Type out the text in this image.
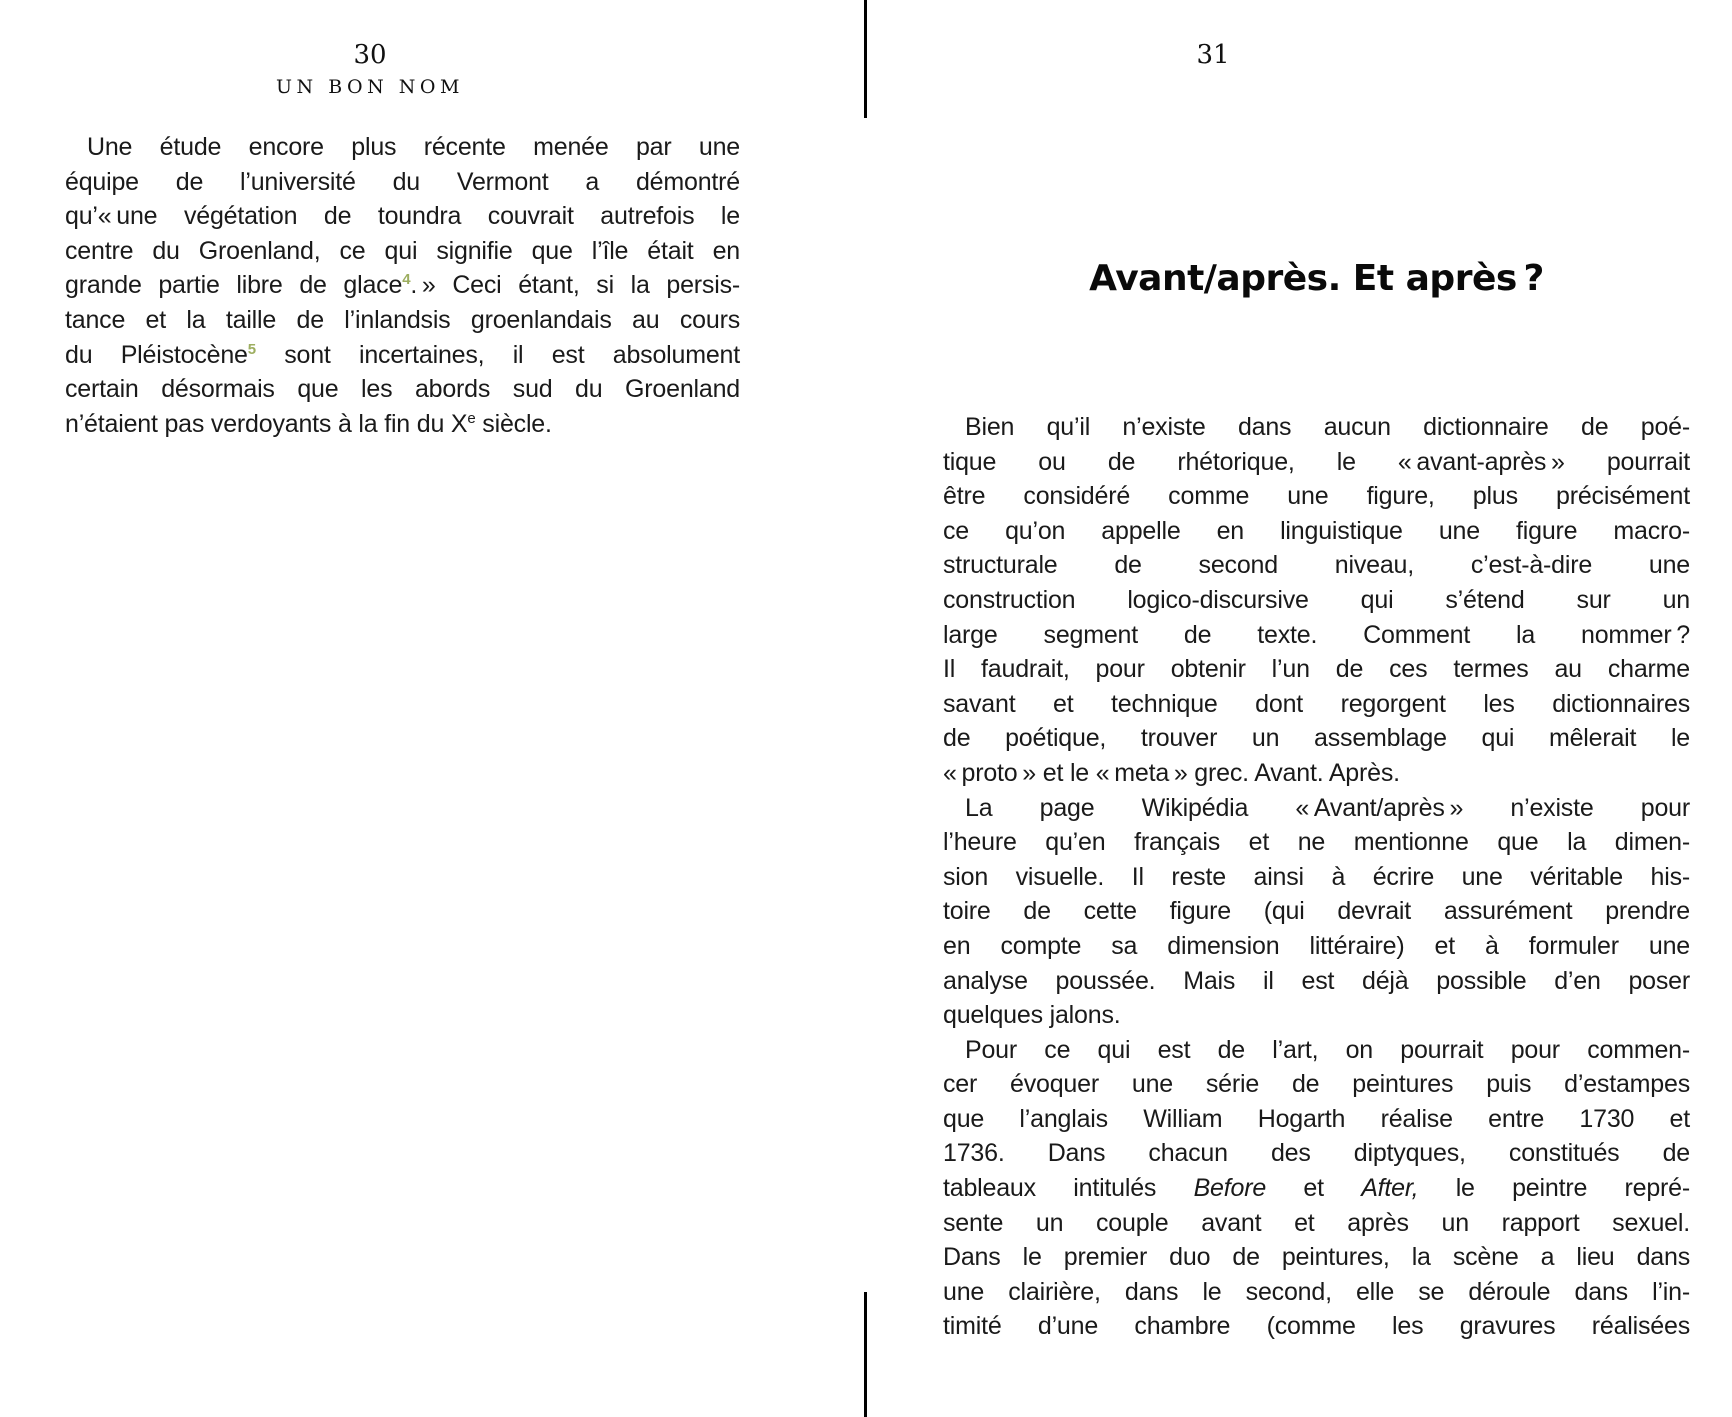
30
UN BON NOM
Une étude encore plus récente menée par une
équipe de l’université du Vermont a démontré
qu’« une végétation de toundra couvrait autrefois le
centre du Groenland, ce qui signifie que l’île était en
grande partie libre de glace$^4$. » Ceci étant, si la persis-
tance et la taille de l’inlandsis groenlandais au cours
du Pléistocène$^5$ sont incertaines, il est absolument
certain désormais que les abords sud du Groenland
n’étaient pas verdoyants à la fin du Xe siècle.
31
Avant/après. Et après ?
Bien qu’il n’existe dans aucun dictionnaire de poé-
tique ou de rhétorique, le « avant-après » pourrait
être considéré comme une figure, plus précisément
ce qu’on appelle en linguistique une figure macro-
structurale de second niveau, c’est-à-dire une
construction logico-discursive qui s’étend sur un
large segment de texte. Comment la nommer ?
Il faudrait, pour obtenir l’un de ces termes au charme
savant et technique dont regorgent les dictionnaires
de poétique, trouver un assemblage qui mêlerait le
« proto » et le « meta » grec. Avant. Après.
La page Wikipédia « Avant/après » n’existe pour
l’heure qu’en français et ne mentionne que la dimen-
sion visuelle. Il reste ainsi à écrire une véritable his-
toire de cette figure (qui devrait assurément prendre
en compte sa dimension littéraire) et à formuler une
analyse poussée. Mais il est déjà possible d’en poser
quelques jalons.
Pour ce qui est de l’art, on pourrait pour commen-
cer évoquer une série de peintures puis d’estampes
que l’anglais William Hogarth réalise entre 1730 et
1736. Dans chacun des diptyques, constitués de
tableaux intitulés Before et After, le peintre repré-
sente un couple avant et après un rapport sexuel.
Dans le premier duo de peintures, la scène a lieu dans
une clairière, dans le second, elle se déroule dans l’in-
timité d’une chambre (comme les gravures réalisées
